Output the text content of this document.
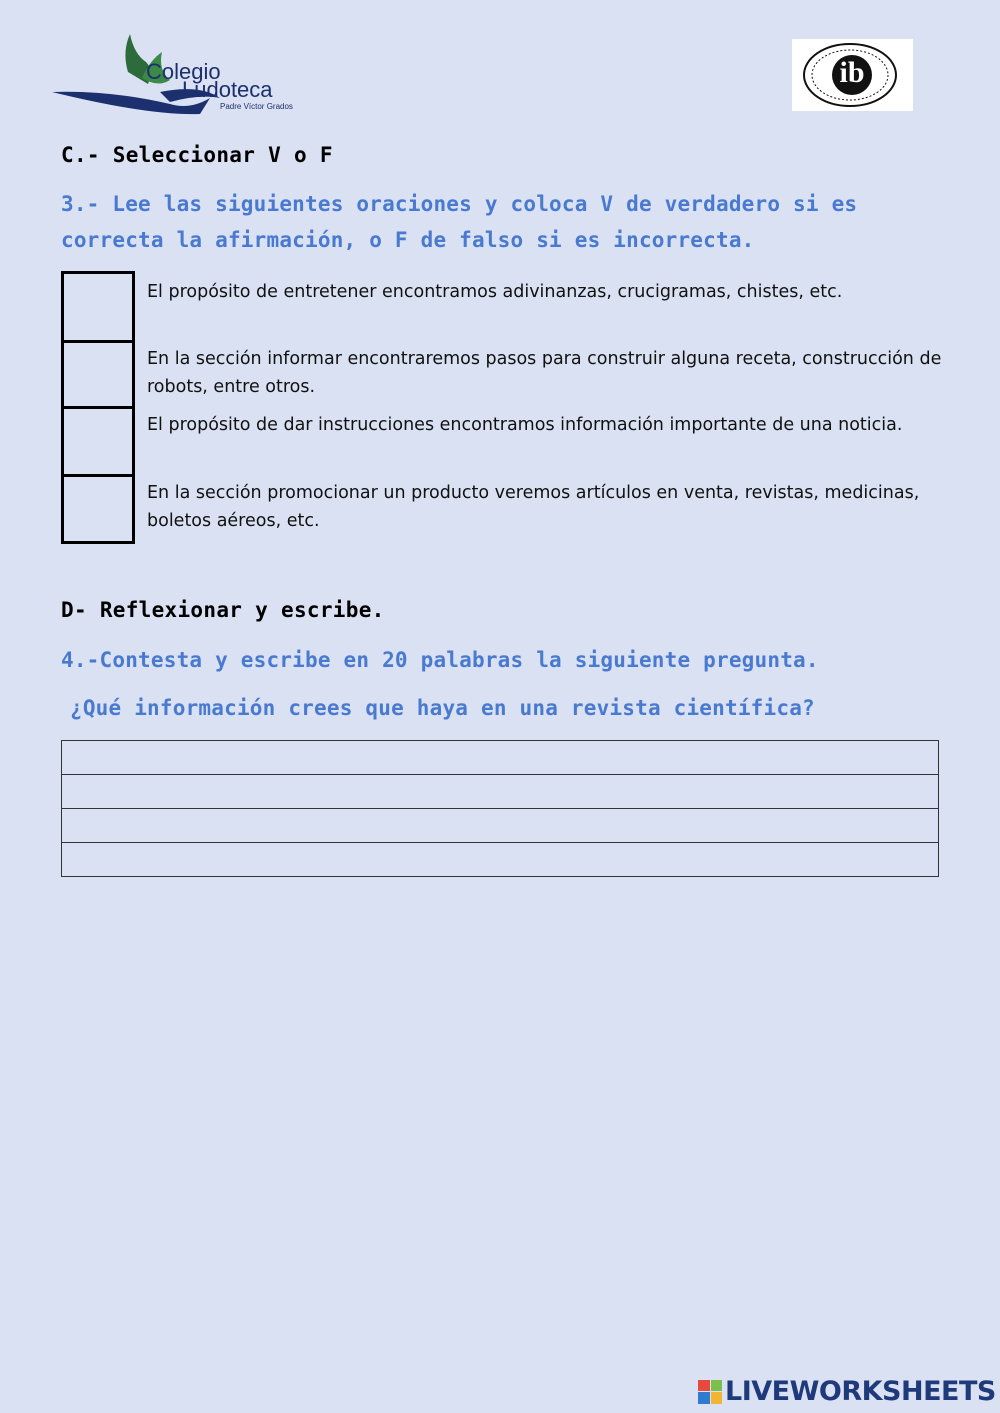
Colegio
Ludoteca
Padre Víctor Grados
ib
C.- Seleccionar V o F
3.- Lee las siguientes oraciones y coloca V de verdadero si es correcta la afirmación, o F de falso si es incorrecta.
El propósito de entretener encontramos adivinanzas, crucigramas, chistes, etc.
En la sección informar encontraremos pasos para construir alguna receta, construcción de robots, entre otros.
El propósito de dar instrucciones encontramos información importante de una noticia.
En la sección promocionar un producto veremos artículos en venta, revistas, medicinas, boletos aéreos, etc.
D- Reflexionar y escribe.
4.-Contesta y escribe en 20 palabras la siguiente pregunta.
¿Qué información crees que haya en una revista científica?
LIVEWORKSHEETS
